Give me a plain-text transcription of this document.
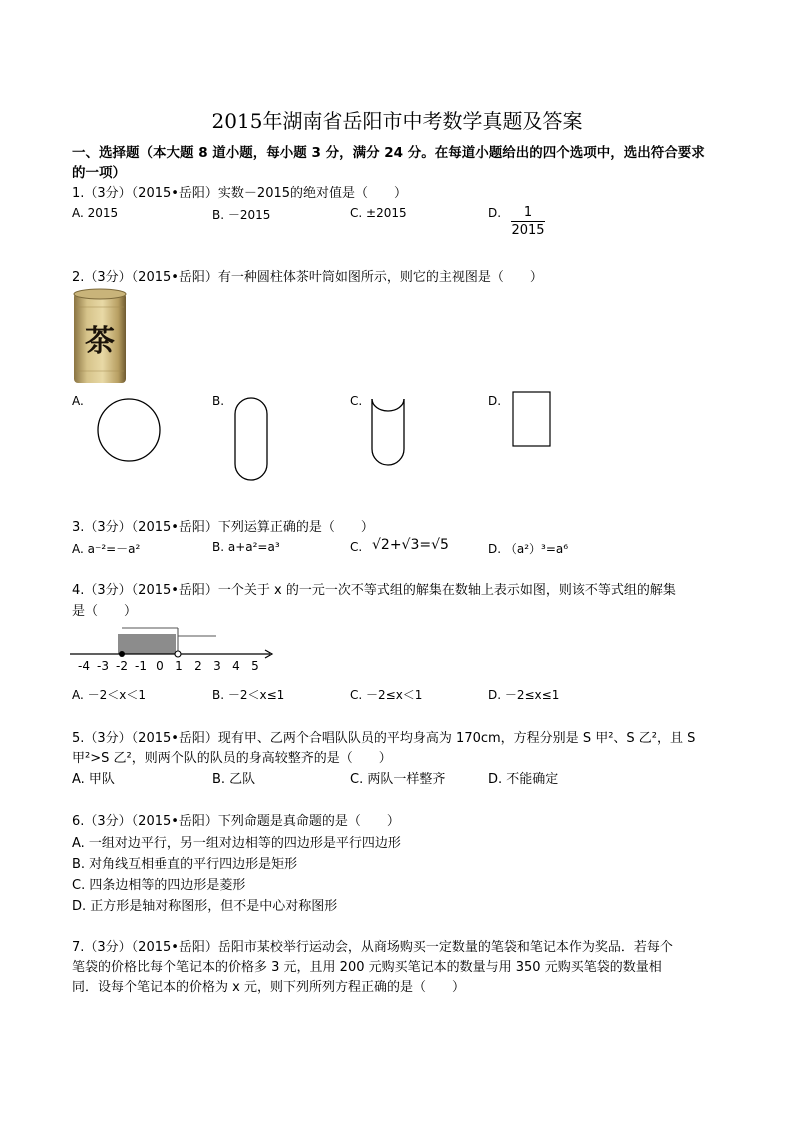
2015年湖南省岳阳市中考数学真题及答案
一、选择题（本大题 8 道小题，每小题 3 分，满分 24 分。在每道小题给出的四个选项中，选出符合要求
的一项）
1.（3分）（2015•岳阳）实数－2015的绝对值是（　　）
A. 2015	B. －2015	C. ±2015	D.	1
2015
2.（3分）（2015•岳阳）有一种圆柱体茶叶筒如图所示，则它的主视图是（　　）
茶
A.	B.	C.	D.
3.（3分）（2015•岳阳）下列运算正确的是（　　）
A. a⁻²=－a²	B. a+a²=a³	C. √2+√3=√5	D. （a²）³=a⁶
4.（3分）（2015•岳阳）一个关于 x 的一元一次不等式组的解集在数轴上表示如图，则该不等式组的解集
是（　　）
-4 -3 -2 -1 0 1 2 3 4 5
A. －2＜x＜1	B. －2＜x≤1	C. －2≤x＜1	D. －2≤x≤1
5.（3分）（2015•岳阳）现有甲、乙两个合唱队队员的平均身高为 170cm，方程分别是 S 甲²、S 乙²，且 S
甲²>S 乙²，则两个队的队员的身高较整齐的是（　　）
A. 甲队	B. 乙队	C. 两队一样整齐	D. 不能确定
6.（3分）（2015•岳阳）下列命题是真命题的是（　　）
A. 一组对边平行，另一组对边相等的四边形是平行四边形
B. 对角线互相垂直的平行四边形是矩形
C. 四条边相等的四边形是菱形
D. 正方形是轴对称图形，但不是中心对称图形
7.（3分）（2015•岳阳）岳阳市某校举行运动会，从商场购买一定数量的笔袋和笔记本作为奖品．若每个
笔袋的价格比每个笔记本的价格多 3 元，且用 200 元购买笔记本的数量与用 350 元购买笔袋的数量相
同．设每个笔记本的价格为 x 元，则下列所列方程正确的是（　　）
